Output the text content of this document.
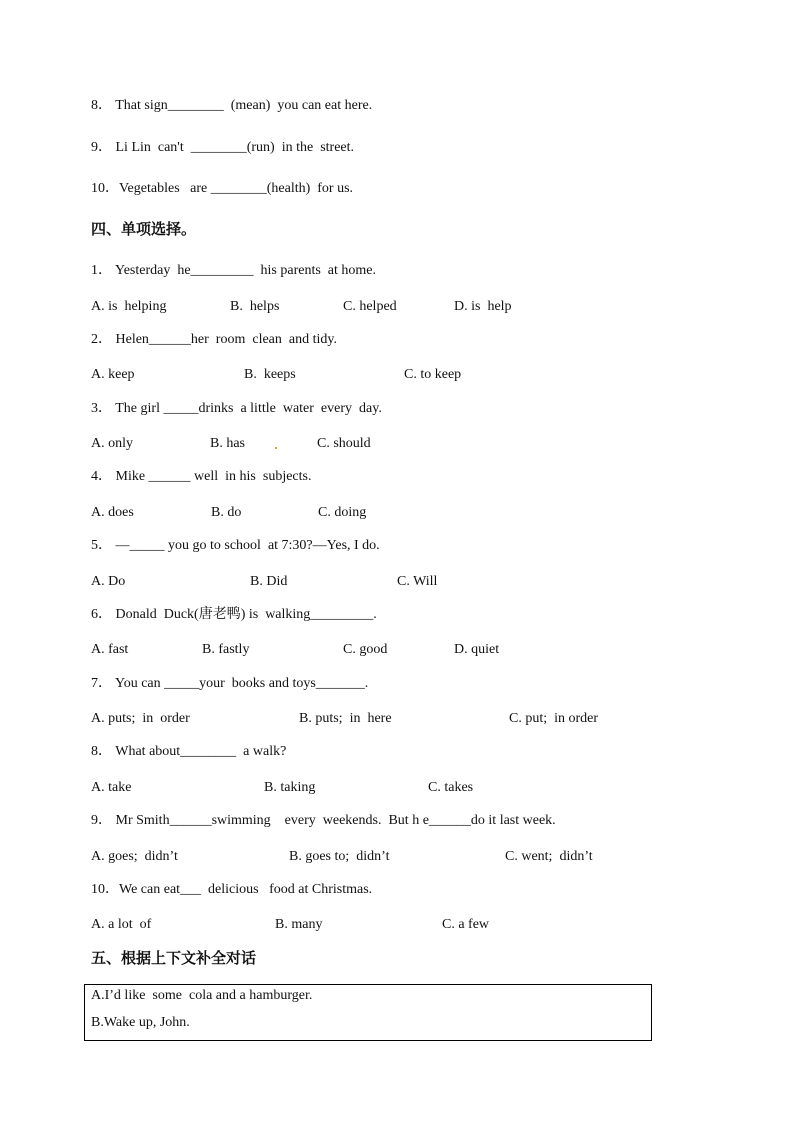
8． That sign________  (mean)  you can eat here.
9． Li Lin  can't  ________(run)  in the  street.
10．Vegetables   are ________(health)  for us.
四、单项选择。
1． Yesterday  he_________  his parents  at home.
A. is  helping	B.  helps	C. helped	D. is  help
2． Helen______her  room  clean  and tidy.
A. keep	B.  keeps	C. to keep
3． The girl _____drinks  a little  water  every  day.
A. only	B. has	C. should
4． Mike ______ well  in his  subjects.
A. does	B. do	C. doing
5． —_____ you go to school  at 7:30?—Yes, I do.
A. Do	B. Did	C. Will
6． Donald  Duck(唐老鸭) is  walking_________.
A. fast	B. fastly	C. good	D. quiet
7． You can _____your  books and toys_______.
A. puts;  in  order	B. puts;  in  here	C. put;  in order
8． What about________  a walk?
A. take	B. taking	C. takes
9． Mr Smith______swimming    every  weekends.  But h e______do it last week.
A. goes;  didn’t	B. goes to;  didn’t	C. went;  didn’t
10．We can eat___  delicious   food at Christmas.
A. a lot  of	B. many	C. a few
五、根据上下文补全对话
A.I’d like  some  cola and a hamburger.
B.Wake up, John.
